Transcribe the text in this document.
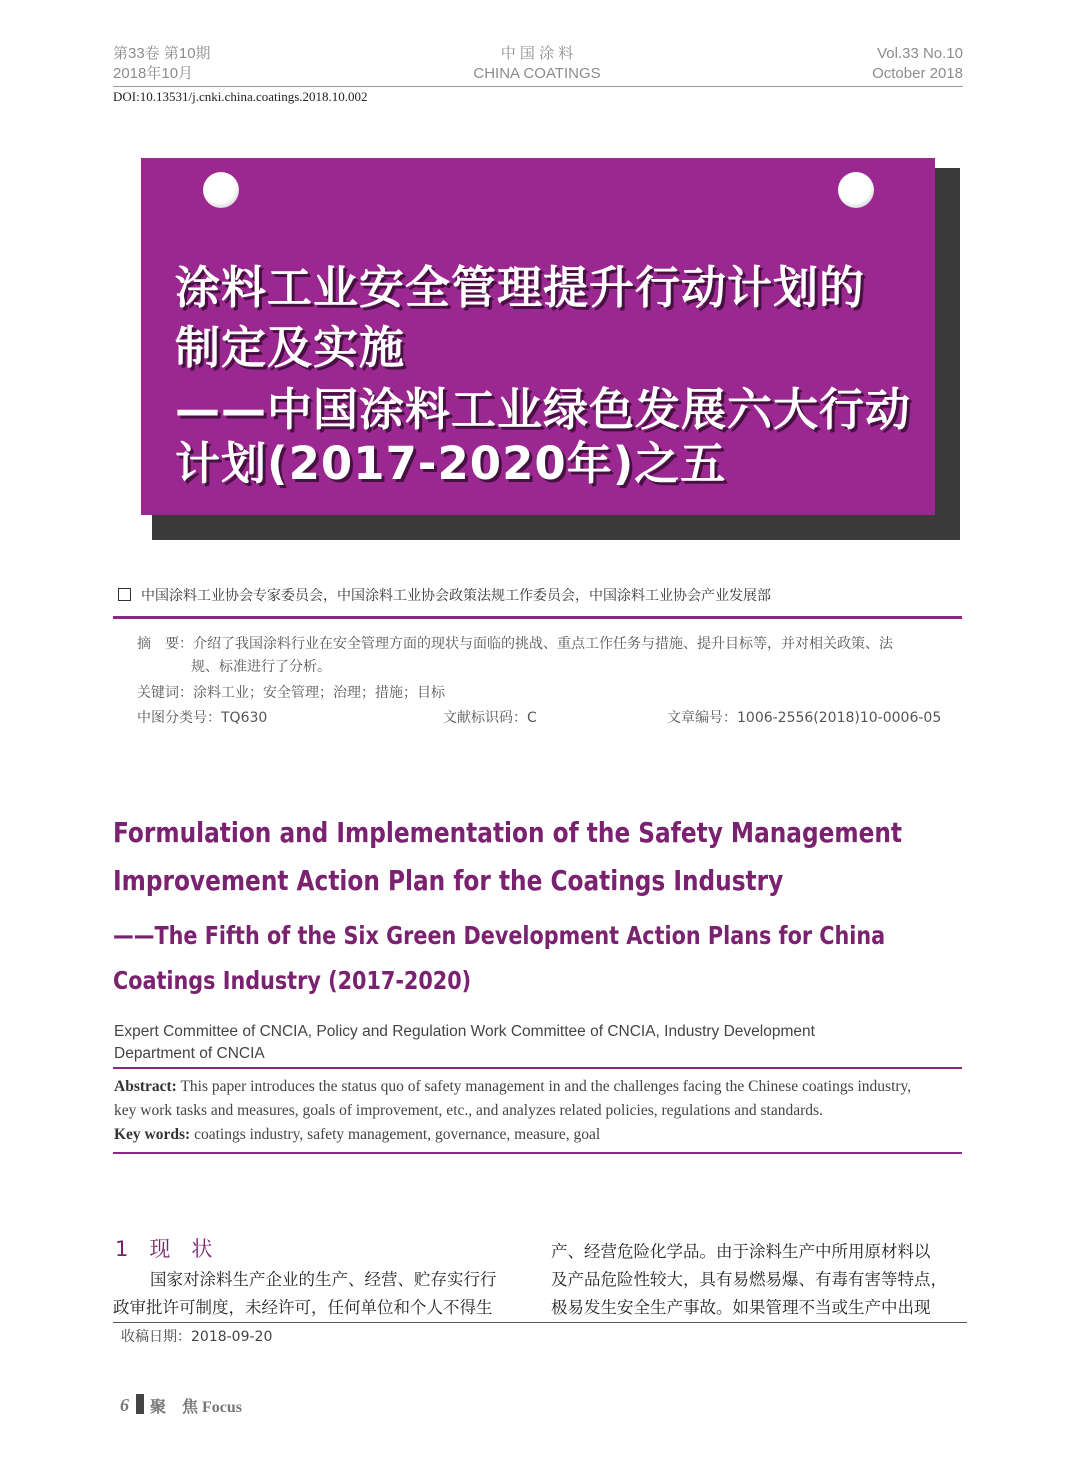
第33卷 第10期
2018年10月
中 国 涂 料
CHINA COATINGS
Vol.33 No.10
October 2018
DOI:10.13531/j.cnki.china.coatings.2018.10.002
涂料工业安全管理提升行动计划的
制定及实施
——中国涂料工业绿色发展六大行动
计划(2017-2020年)之五
中国涂料工业协会专家委员会，中国涂料工业协会政策法规工作委员会，中国涂料工业协会产业发展部
摘　要：介绍了我国涂料行业在安全管理方面的现状与面临的挑战、重点工作任务与措施、提升目标等，并对相关政策、法
规、标准进行了分析。
关键词：涂料工业；安全管理；治理；措施；目标
中图分类号：TQ630	文献标识码：C	文章编号：1006-2556(2018)10-0006-05
Formulation and Implementation of the Safety Management
Improvement Action Plan for the Coatings Industry
——The Fifth of the Six Green Development Action Plans for China
Coatings Industry (2017-2020)
Expert Committee of CNCIA, Policy and Regulation Work Committee of CNCIA, Industry Development
Department of CNCIA
Abstract: This paper introduces the status quo of safety management in and the challenges facing the Chinese coatings industry,
key work tasks and measures, goals of improvement, etc., and analyzes related policies, regulations and standards.
Key words: coatings industry, safety management, governance, measure, goal
1　现　状
国家对涂料生产企业的生产、经营、贮存实行行
政审批许可制度，未经许可，任何单位和个人不得生
产、经营危险化学品。由于涂料生产中所用原材料以
及产品危险性较大，具有易燃易爆、有毒有害等特点，
极易发生安全生产事故。如果管理不当或生产中出现
收稿日期：2018-09-20
6 聚　焦 Focus
